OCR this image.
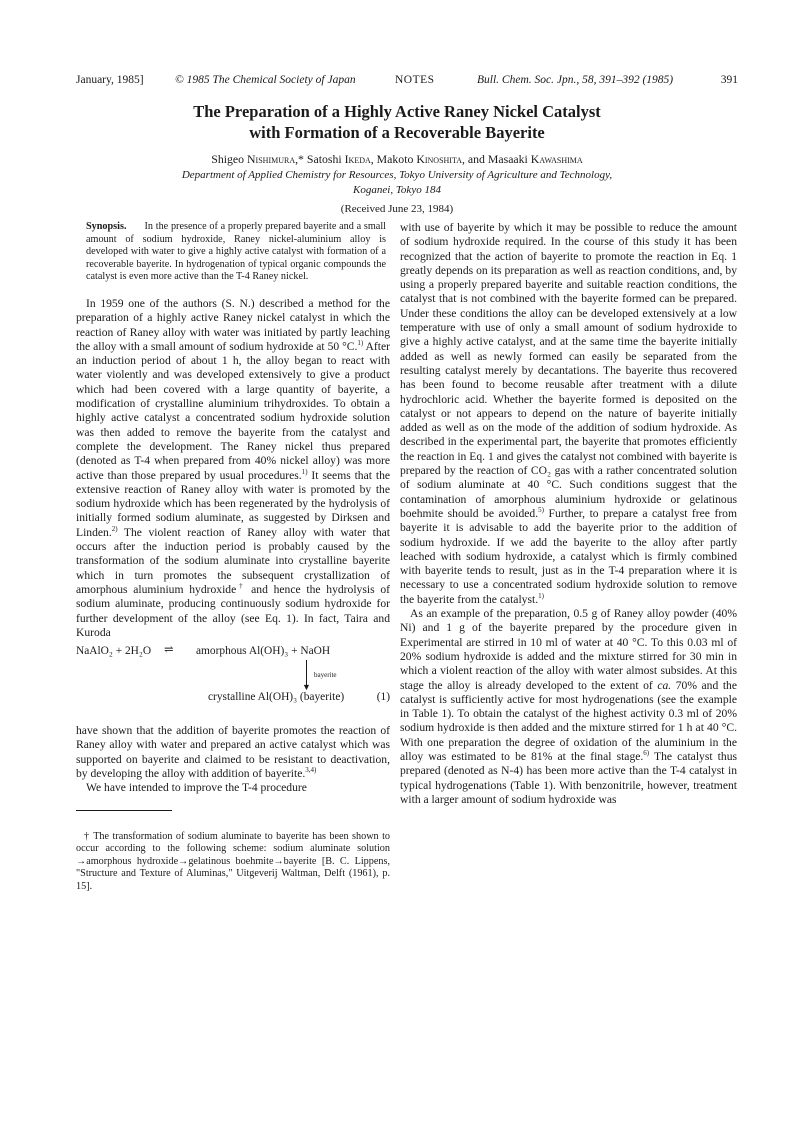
January, 1985]	© 1985 The Chemical Society of Japan	NOTES	Bull. Chem. Soc. Jpn., 58, 391–392 (1985)	391
The Preparation of a Highly Active Raney Nickel Catalyst
with Formation of a Recoverable Bayerite
Shigeo Nishimura,* Satoshi Ikeda, Makoto Kinoshita, and Masaaki Kawashima
Department of Applied Chemistry for Resources, Tokyo University of Agriculture and Technology,
Koganei, Tokyo 184
(Received June 23, 1984)

Synopsis. In the presence of a properly prepared bayerite and a small amount of sodium hydroxide, Raney nickel-aluminium alloy is developed with water to give a highly active catalyst with formation of a recoverable bayerite. In hydrogenation of typical organic compounds the catalyst is even more active than the T-4 Raney nickel.

In 1959 one of the authors (S. N.) described a method for the preparation of a highly active Raney nickel catalyst in which the reaction of Raney alloy with water was initiated by partly leaching the alloy with a small amount of sodium hydroxide at 50 °C.$^{1)}$ After an induction period of about 1 h, the alloy began to react with water violently and was developed extensively to give a product which had been covered with a large quantity of bayerite, a modification of crystalline aluminium trihydroxides. To obtain a highly active catalyst a concentrated sodium hydroxide solution was then added to remove the bayerite from the catalyst and complete the development. The Raney nickel thus prepared (denoted as T-4 when prepared from 40% nickel alloy) was more active than those prepared by usual procedures.$^{1)}$ It seems that the extensive reaction of Raney alloy with water is promoted by the sodium hydroxide which has been regenerated by the hydrolysis of initially formed sodium aluminate, as suggested by Dirksen and Linden.$^{2)}$ The violent reaction of Raney alloy with water that occurs after the induction period is probably caused by the transformation of the sodium aluminate into crystalline bayerite which in turn promotes the subsequent crystallization of amorphous aluminium hydroxide† and hence the hydrolysis of sodium aluminate, producing continuously sodium hydroxide for further development of the alloy (see Eq. 1). In fact, Taira and Kuroda

NaAlO₂ + 2H₂O ⇌ amorphous Al(OH)₃ + NaOH
▼
bayerite
crystalline Al(OH)₃ (bayerite)	(1)

have shown that the addition of bayerite promotes the reaction of Raney alloy with water and prepared an active catalyst which was supported on bayerite and claimed to be resistant to deactivation, by developing the alloy with addition of bayerite.$^{3,4)}$

We have intended to improve the T-4 procedure

† The transformation of sodium aluminate to bayerite has been shown to occur according to the following scheme: sodium aluminate solution →amorphous hydroxide→gelatinous boehmite→bayerite [B. C. Lippens, "Structure and Texture of Aluminas," Uitgeverij Waltman, Delft (1961), p. 15].

with use of bayerite by which it may be possible to reduce the amount of sodium hydroxide required. In the course of this study it has been recognized that the action of bayerite to promote the reaction in Eq. 1 greatly depends on its preparation as well as reaction conditions, and, by using a properly prepared bayerite and suitable reaction conditions, the catalyst that is not combined with the bayerite formed can be prepared. Under these conditions the alloy can be developed extensively at a low temperature with use of only a small amount of sodium hydroxide to give a highly active catalyst, and at the same time the bayerite initially added as well as newly formed can easily be separated from the resulting catalyst merely by decantations. The bayerite thus recovered has been found to become reusable after treatment with a dilute hydrochloric acid. Whether the bayerite formed is deposited on the catalyst or not appears to depend on the nature of bayerite initially added as well as on the mode of the addition of sodium hydroxide. As described in the experimental part, the bayerite that promotes efficiently the reaction in Eq. 1 and gives the catalyst not combined with bayerite is prepared by the reaction of CO₂ gas with a rather concentrated solution of sodium aluminate at 40 °C. Such conditions suggest that the contamination of amorphous aluminium hydroxide or gelatinous boehmite should be avoided.$^{5)}$ Further, to prepare a catalyst free from bayerite it is advisable to add the bayerite prior to the addition of sodium hydroxide. If we add the bayerite to the alloy after partly leached with sodium hydroxide, a catalyst which is firmly combined with bayerite tends to result, just as in the T-4 preparation where it is necessary to use a concentrated sodium hydroxide solution to remove the bayerite from the catalyst.$^{1)}$

As an example of the preparation, 0.5 g of Raney alloy powder (40% Ni) and 1 g of the bayerite prepared by the procedure given in Experimental are stirred in 10 ml of water at 40 °C. To this 0.03 ml of 20% sodium hydroxide is added and the mixture stirred for 30 min in which a violent reaction of the alloy with water almost subsides. At this stage the alloy is already developed to the extent of ca. 70% and the catalyst is sufficiently active for most hydrogenations (see the example in Table 1). To obtain the catalyst of the highest activity 0.3 ml of 20% sodium hydroxide is then added and the mixture stirred for 1 h at 40 °C. With one preparation the degree of oxidation of the aluminium in the alloy was estimated to be 81% at the final stage.$^{6)}$ The catalyst thus prepared (denoted as N-4) has been more active than the T-4 catalyst in typical hydrogenations (Table 1). With benzonitrile, however, treatment with a larger amount of sodium hydroxide was
